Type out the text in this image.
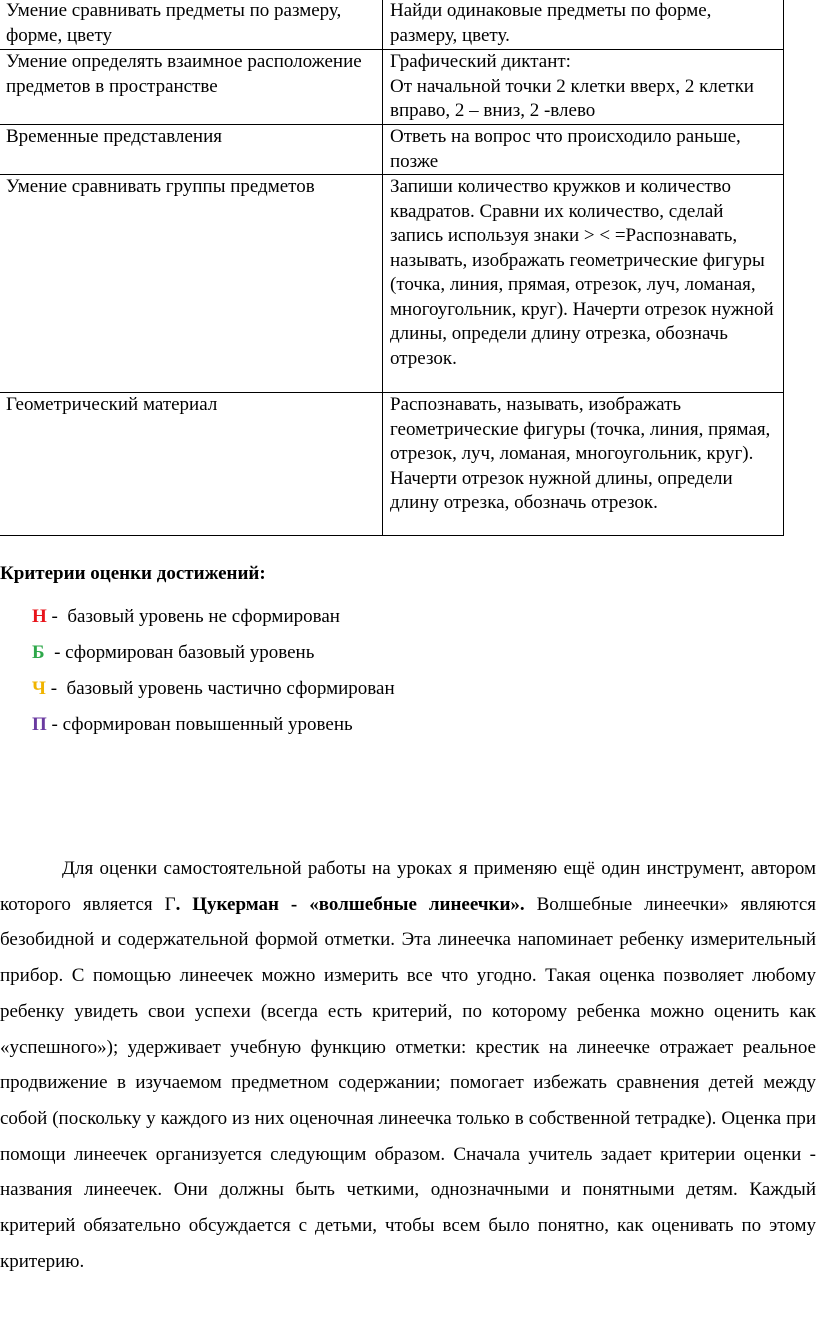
	Умение сравнивать предметы по размеру, форме, цвету	Найди одинаковые предметы по форме, размеру, цвету.

	Умение определять взаимное расположение предметов в пространстве	Графический диктант:
От начальной точки 2 клетки вверх, 2 клетки вправо, 2 – вниз, 2 -влево

	Временные представления	Ответь на вопрос что происходило раньше, позже

	Умение сравнивать группы предметов	Запиши количество кружков и количество квадратов. Сравни их количество, сделай запись используя знаки > < =Распознавать, называть, изображать геометрические фигуры (точка, линия, прямая, отрезок, луч, ломаная, многоугольник, круг). Начерти отрезок нужной длины, определи длину отрезка, обозначь отрезок.

	Геометрический материал	Распознавать, называть, изображать геометрические фигуры (точка, линия, прямая, отрезок, луч, ломаная, многоугольник, круг). Начерти отрезок нужной длины, определи длину отрезка, обозначь отрезок.
Критерии оценки достижений:
Н -  базовый уровень не сформирован
Б  - сформирован базовый уровень
Ч -  базовый уровень частично сформирован
П - сформирован повышенный уровень

Для оценки самостоятельной работы на уроках я применяю ещё один инструмент, автором которого является Г. Цукерман - «волшебные линеечки». Волшебные линеечки» являются безобидной и содержательной формой отметки. Эта линеечка напоминает ребенку измерительный прибор. С помощью линеечек можно измерить все что угодно. Такая оценка позволяет любому ребенку увидеть свои успехи (всегда есть критерий, по которому ребенка можно оценить как «успешного»); удерживает учебную функцию отметки: крестик на линеечке отражает реальное продвижение в изучаемом предметном содержании; помогает избежать сравнения детей между собой (поскольку у каждого из них оценочная линеечка только в собственной тетрадке). Оценка при помощи линеечек организуется следующим образом. Сначала учитель задает критерии оценки - названия линеечек. Они должны быть четкими, однозначными и понятными детям. Каждый критерий обязательно обсуждается с детьми, чтобы всем было понятно, как оценивать по этому критерию.
